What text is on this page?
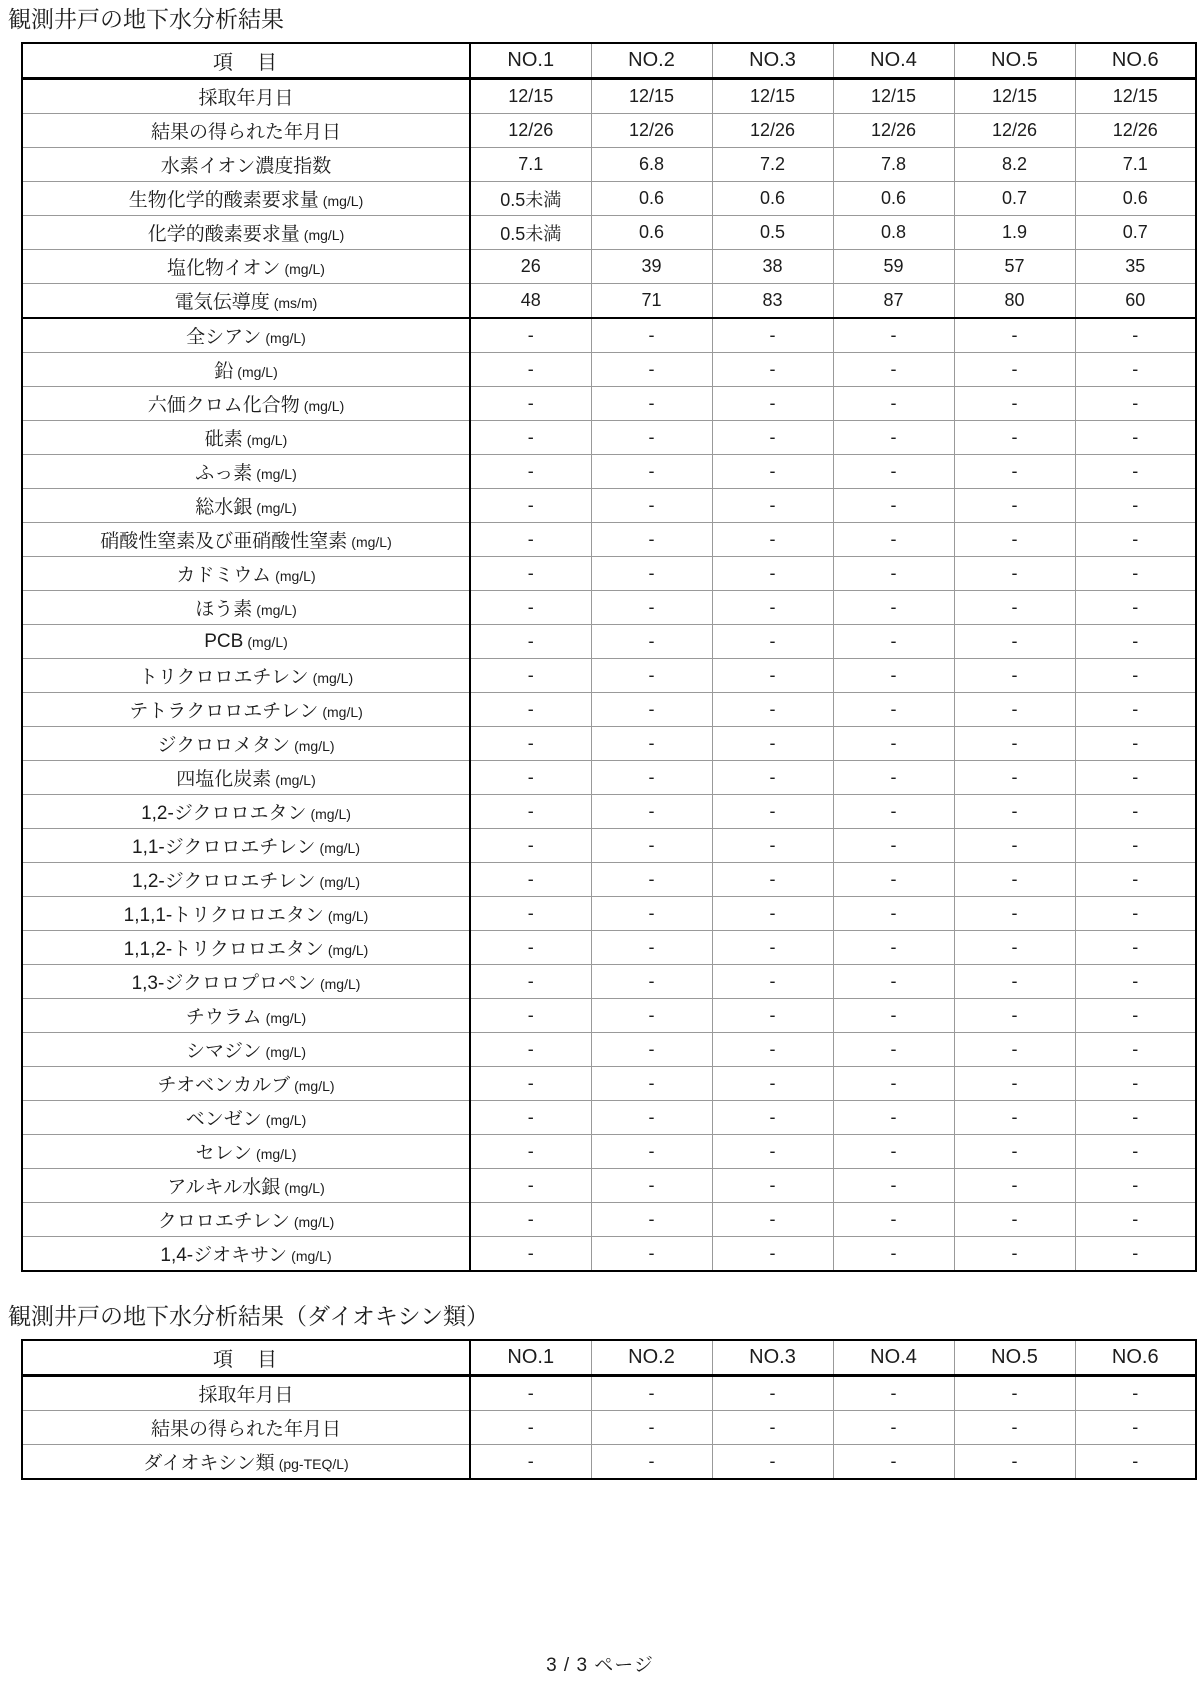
観測井戸の地下水分析結果
項　目	NO.1	NO.2	NO.3	NO.4	NO.5	NO.6
採取年月日	12/15	12/15	12/15	12/15	12/15	12/15
結果の得られた年月日	12/26	12/26	12/26	12/26	12/26	12/26
水素イオン濃度指数	7.1	6.8	7.2	7.8	8.2	7.1
生物化学的酸素要求量 (mg/L)	0.5未満	0.6	0.6	0.6	0.7	0.6
化学的酸素要求量 (mg/L)	0.5未満	0.6	0.5	0.8	1.9	0.7
塩化物イオン (mg/L)	26	39	38	59	57	35
電気伝導度 (ms/m)	48	71	83	87	80	60
全シアン (mg/L)	-	-	-	-	-	-
鉛 (mg/L)	-	-	-	-	-	-
六価クロム化合物 (mg/L)	-	-	-	-	-	-
砒素 (mg/L)	-	-	-	-	-	-
ふっ素 (mg/L)	-	-	-	-	-	-
総水銀 (mg/L)	-	-	-	-	-	-
硝酸性窒素及び亜硝酸性窒素 (mg/L)	-	-	-	-	-	-
カドミウム (mg/L)	-	-	-	-	-	-
ほう素 (mg/L)	-	-	-	-	-	-
PCB (mg/L)	-	-	-	-	-	-
トリクロロエチレン (mg/L)	-	-	-	-	-	-
テトラクロロエチレン (mg/L)	-	-	-	-	-	-
ジクロロメタン (mg/L)	-	-	-	-	-	-
四塩化炭素 (mg/L)	-	-	-	-	-	-
1,2-ジクロロエタン (mg/L)	-	-	-	-	-	-
1,1-ジクロロエチレン (mg/L)	-	-	-	-	-	-
1,2-ジクロロエチレン (mg/L)	-	-	-	-	-	-
1,1,1-トリクロロエタン (mg/L)	-	-	-	-	-	-
1,1,2-トリクロロエタン (mg/L)	-	-	-	-	-	-
1,3-ジクロロプロペン (mg/L)	-	-	-	-	-	-
チウラム (mg/L)	-	-	-	-	-	-
シマジン (mg/L)	-	-	-	-	-	-
チオベンカルブ (mg/L)	-	-	-	-	-	-
ベンゼン (mg/L)	-	-	-	-	-	-
セレン (mg/L)	-	-	-	-	-	-
アルキル水銀 (mg/L)	-	-	-	-	-	-
クロロエチレン (mg/L)	-	-	-	-	-	-
1,4-ジオキサン (mg/L)	-	-	-	-	-	-
観測井戸の地下水分析結果（ダイオキシン類）
項　目	NO.1	NO.2	NO.3	NO.4	NO.5	NO.6
採取年月日	-	-	-	-	-	-
結果の得られた年月日	-	-	-	-	-	-
ダイオキシン類 (pg-TEQ/L)	-	-	-	-	-	-
3 / 3 ページ
